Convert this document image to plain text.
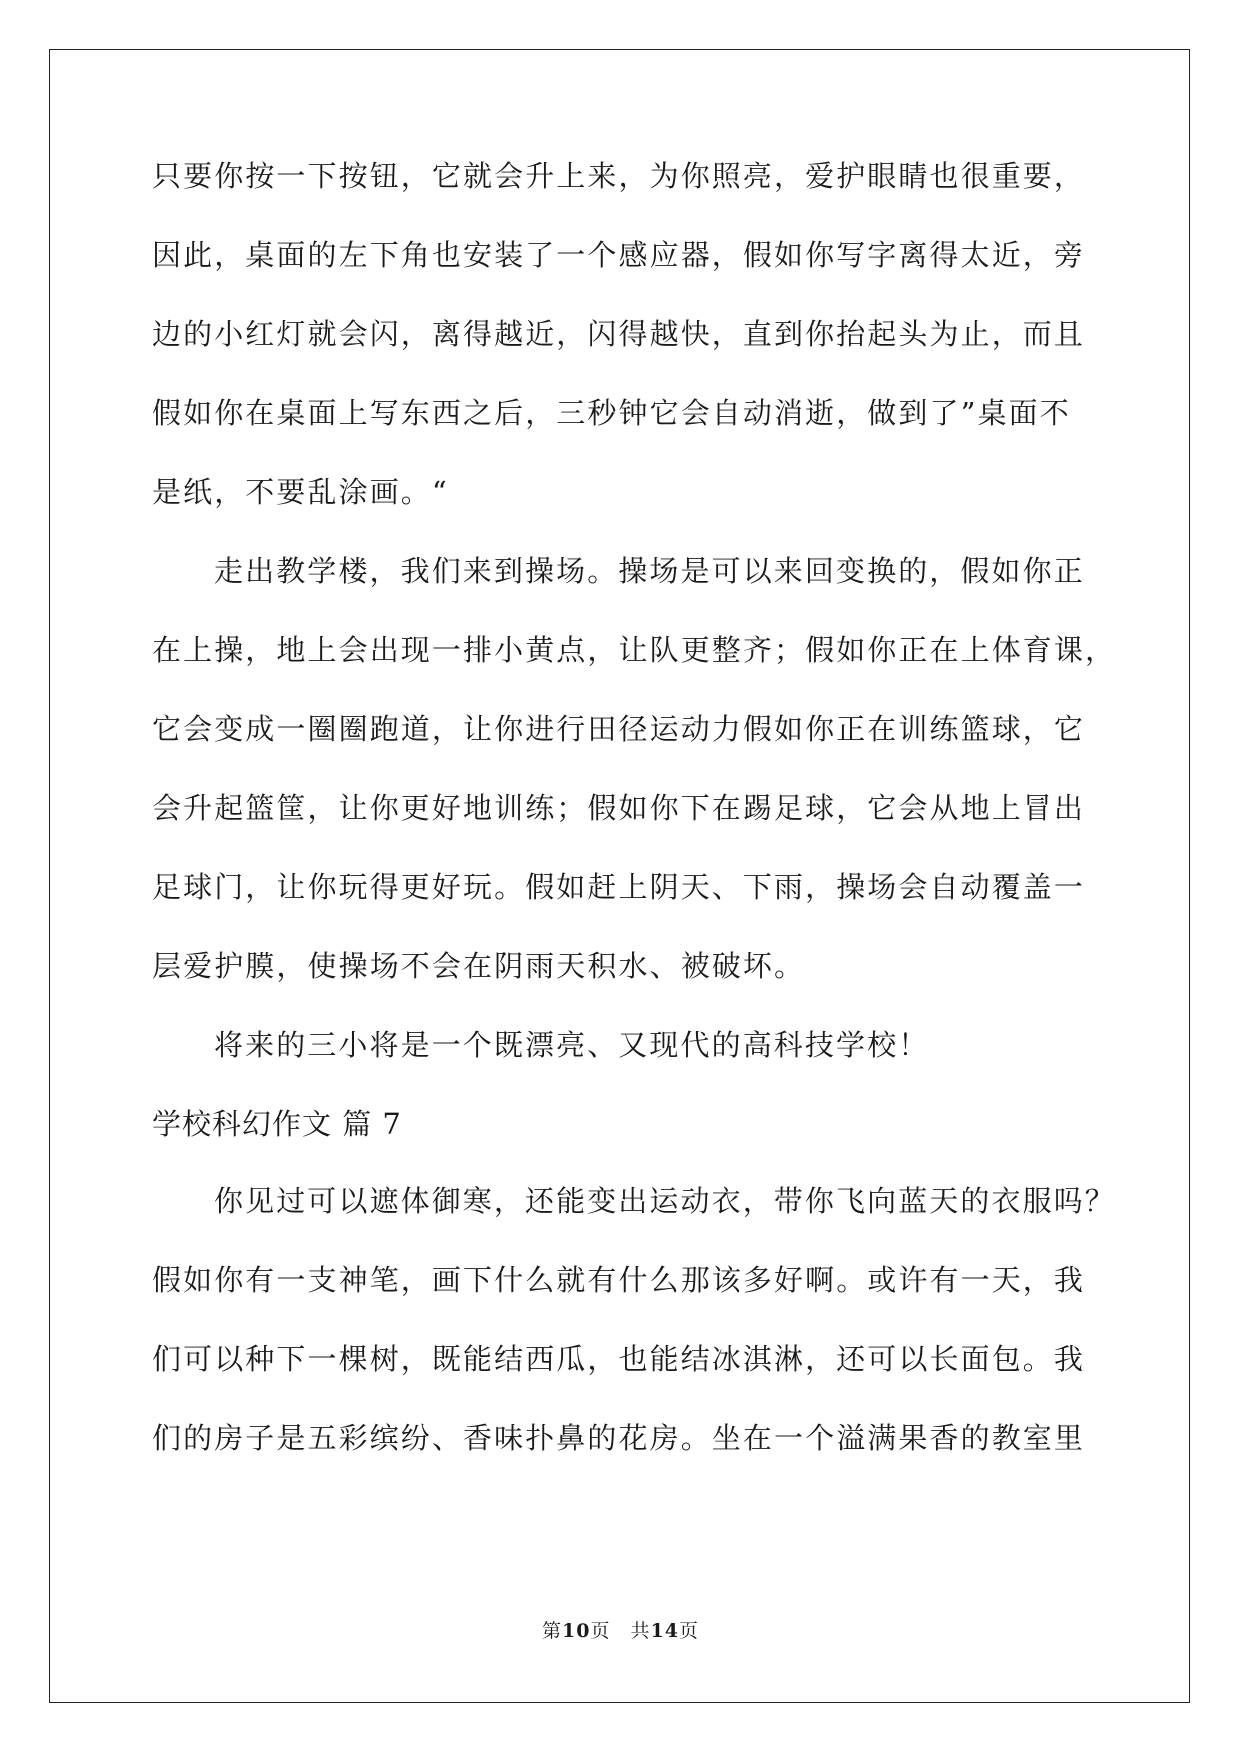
只要你按一下按钮，它就会升上来，为你照亮，爱护眼睛也很重要，
因此，桌面的左下角也安装了一个感应器，假如你写字离得太近，旁
边的小红灯就会闪，离得越近，闪得越快，直到你抬起头为止，而且
假如你在桌面上写东西之后，三秒钟它会自动消逝，做到了”桌面不
是纸，不要乱涂画。“
走出教学楼，我们来到操场。操场是可以来回变换的，假如你正
在上操，地上会出现一排小黄点，让队更整齐；假如你正在上体育课，
它会变成一圈圈跑道，让你进行田径运动力假如你正在训练篮球，它
会升起篮筐，让你更好地训练；假如你下在踢足球，它会从地上冒出
足球门，让你玩得更好玩。假如赶上阴天、下雨，操场会自动覆盖一
层爱护膜，使操场不会在阴雨天积水、被破坏。
将来的三小将是一个既漂亮、又现代的高科技学校！
学校科幻作文 篇 7
你见过可以遮体御寒，还能变出运动衣，带你飞向蓝天的衣服吗？
假如你有一支神笔，画下什么就有什么那该多好啊。或许有一天，我
们可以种下一棵树，既能结西瓜，也能结冰淇淋，还可以长面包。我
们的房子是五彩缤纷、香味扑鼻的花房。坐在一个溢满果香的教室里
第10页　共14页
